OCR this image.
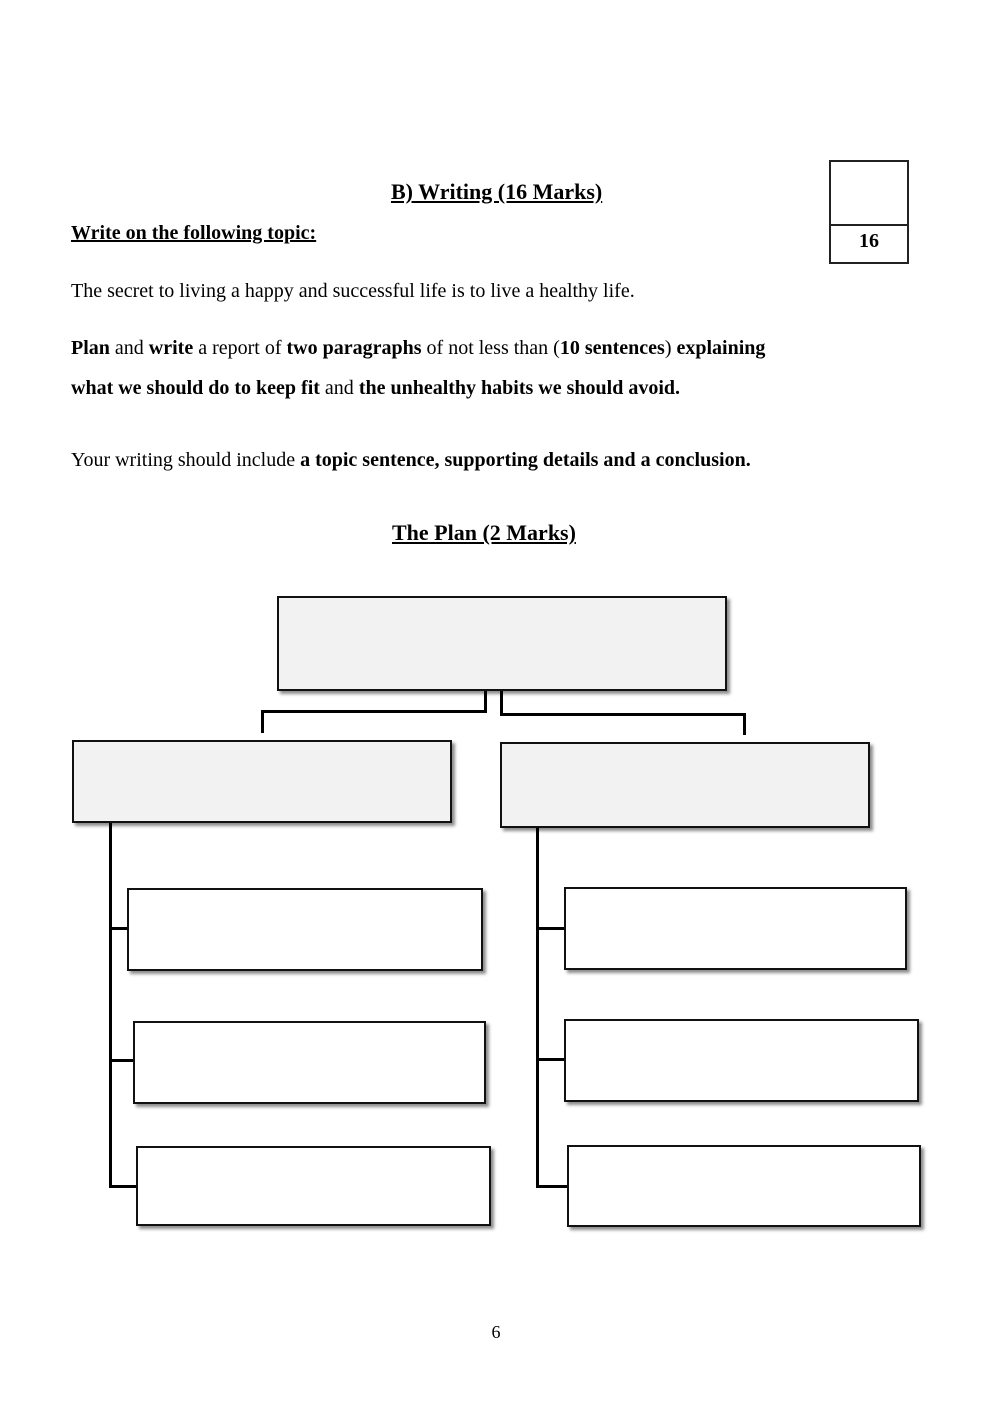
B) Writing (16 Marks)
16
Write on the following topic:
The secret to living a happy and successful life is to live a healthy life.
Plan and write a report of two paragraphs of not less than (10 sentences) explaining
what we should do to keep fit and the unhealthy habits we should avoid.
Your writing should include a topic sentence, supporting details and a conclusion.
The Plan (2 Marks)
6
